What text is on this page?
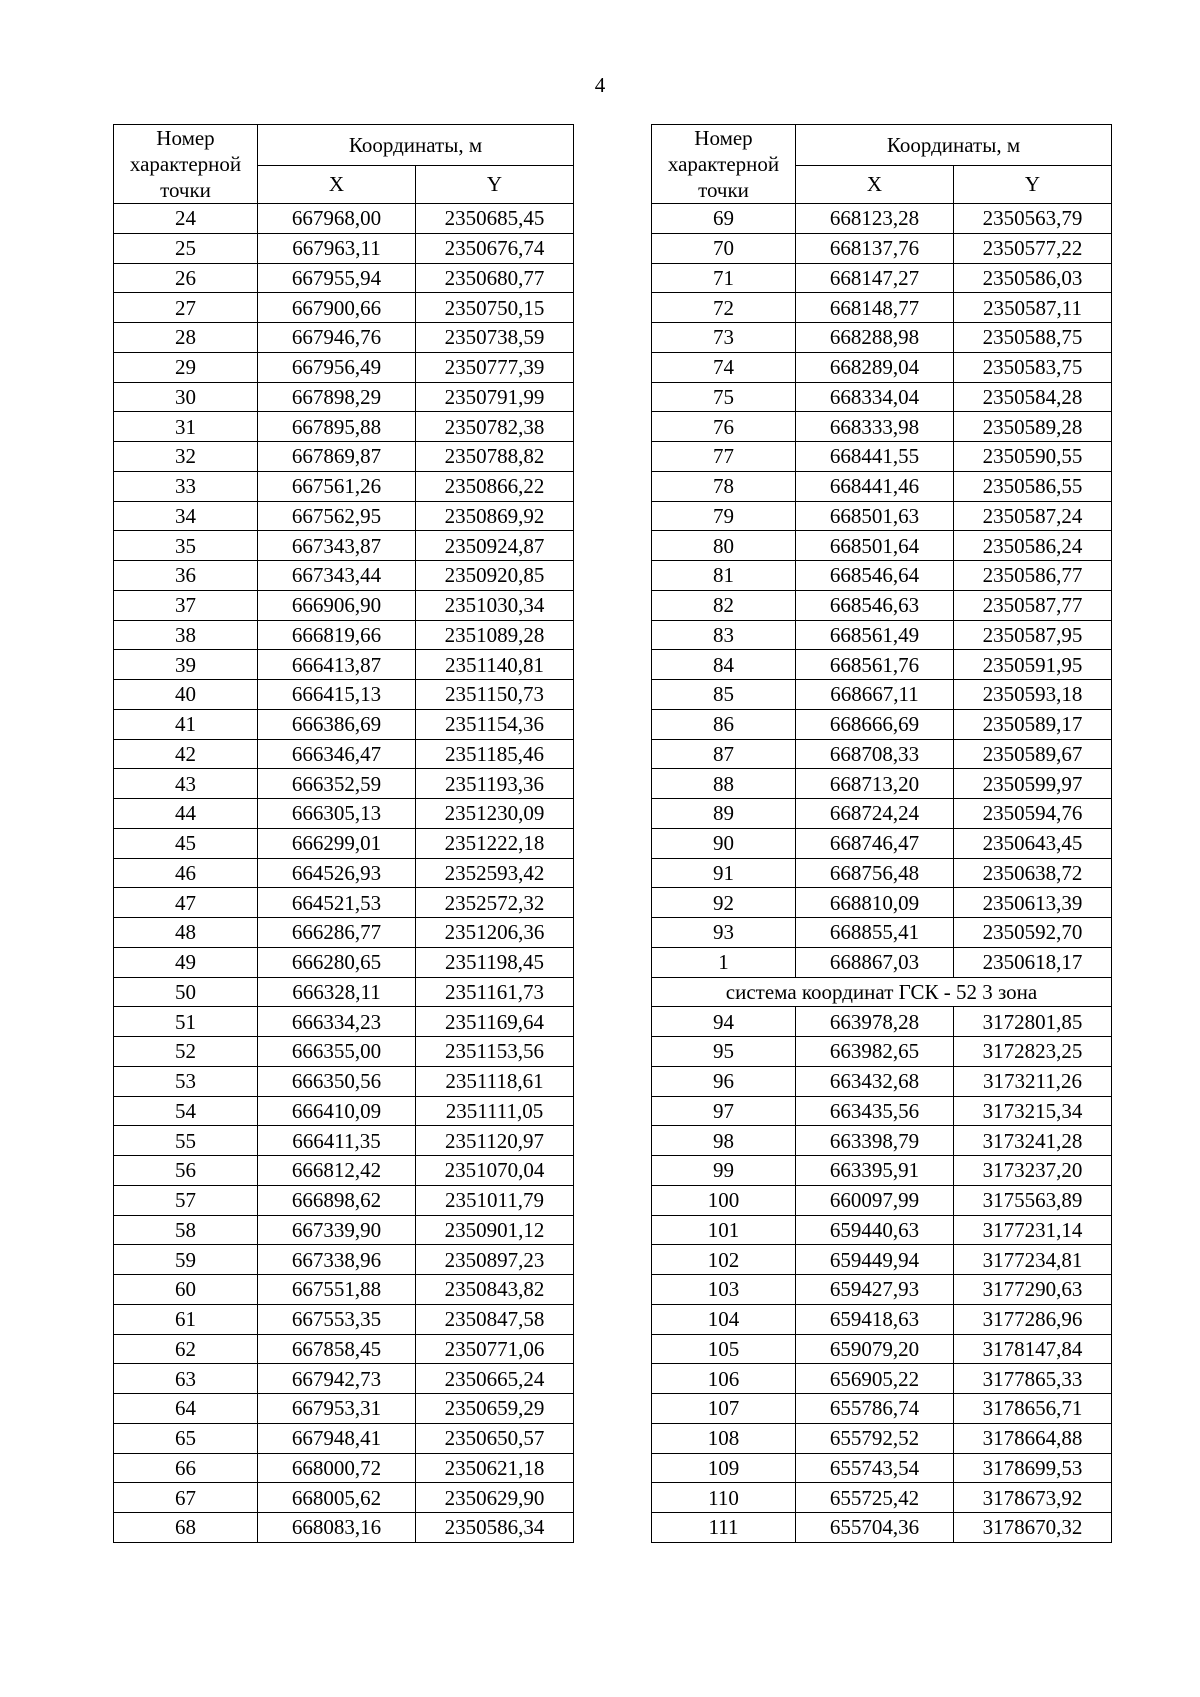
4
Номер характерной точки	Координаты, м	
	X	Y
24	667968,00	2350685,45
25	667963,11	2350676,74
26	667955,94	2350680,77
27	667900,66	2350750,15
28	667946,76	2350738,59
29	667956,49	2350777,39
30	667898,29	2350791,99
31	667895,88	2350782,38
32	667869,87	2350788,82
33	667561,26	2350866,22
34	667562,95	2350869,92
35	667343,87	2350924,87
36	667343,44	2350920,85
37	666906,90	2351030,34
38	666819,66	2351089,28
39	666413,87	2351140,81
40	666415,13	2351150,73
41	666386,69	2351154,36
42	666346,47	2351185,46
43	666352,59	2351193,36
44	666305,13	2351230,09
45	666299,01	2351222,18
46	664526,93	2352593,42
47	664521,53	2352572,32
48	666286,77	2351206,36
49	666280,65	2351198,45
50	666328,11	2351161,73
51	666334,23	2351169,64
52	666355,00	2351153,56
53	666350,56	2351118,61
54	666410,09	2351111,05
55	666411,35	2351120,97
56	666812,42	2351070,04
57	666898,62	2351011,79
58	667339,90	2350901,12
59	667338,96	2350897,23
60	667551,88	2350843,82
61	667553,35	2350847,58
62	667858,45	2350771,06
63	667942,73	2350665,24
64	667953,31	2350659,29
65	667948,41	2350650,57
66	668000,72	2350621,18
67	668005,62	2350629,90
68	668083,16	2350586,34
Номер характерной точки	Координаты, м	
	X	Y
69	668123,28	2350563,79
70	668137,76	2350577,22
71	668147,27	2350586,03
72	668148,77	2350587,11
73	668288,98	2350588,75
74	668289,04	2350583,75
75	668334,04	2350584,28
76	668333,98	2350589,28
77	668441,55	2350590,55
78	668441,46	2350586,55
79	668501,63	2350587,24
80	668501,64	2350586,24
81	668546,64	2350586,77
82	668546,63	2350587,77
83	668561,49	2350587,95
84	668561,76	2350591,95
85	668667,11	2350593,18
86	668666,69	2350589,17
87	668708,33	2350589,67
88	668713,20	2350599,97
89	668724,24	2350594,76
90	668746,47	2350643,45
91	668756,48	2350638,72
92	668810,09	2350613,39
93	668855,41	2350592,70
1	668867,03	2350618,17
система координат ГСК - 52 3 зона		
94	663978,28	3172801,85
95	663982,65	3172823,25
96	663432,68	3173211,26
97	663435,56	3173215,34
98	663398,79	3173241,28
99	663395,91	3173237,20
100	660097,99	3175563,89
101	659440,63	3177231,14
102	659449,94	3177234,81
103	659427,93	3177290,63
104	659418,63	3177286,96
105	659079,20	3178147,84
106	656905,22	3177865,33
107	655786,74	3178656,71
108	655792,52	3178664,88
109	655743,54	3178699,53
110	655725,42	3178673,92
111	655704,36	3178670,32
